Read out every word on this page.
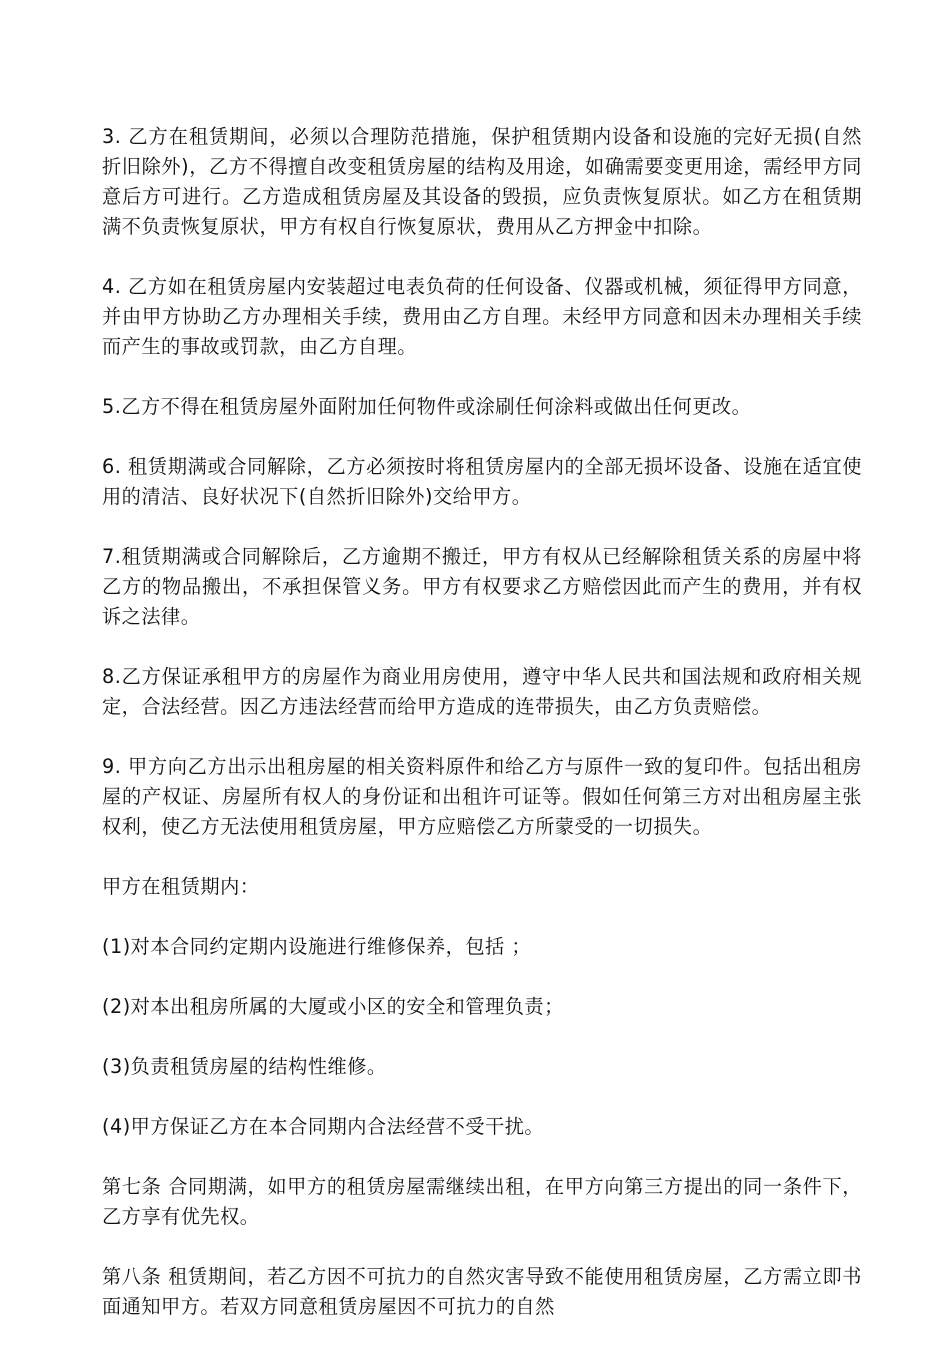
3. 乙方在租赁期间，必须以合理防范措施，保护租赁期内设备和设施的完好无损(自然折旧除外)，乙方不得擅自改变租赁房屋的结构及用途，如确需要变更用途，需经甲方同意后方可进行。乙方造成租赁房屋及其设备的毁损，应负责恢复原状。如乙方在租赁期满不负责恢复原状，甲方有权自行恢复原状，费用从乙方押金中扣除。

4. 乙方如在租赁房屋内安装超过电表负荷的任何设备、仪器或机械，须征得甲方同意，并由甲方协助乙方办理相关手续，费用由乙方自理。未经甲方同意和因未办理相关手续而产生的事故或罚款，由乙方自理。

5.乙方不得在租赁房屋外面附加任何物件或涂刷任何涂料或做出任何更改。

6. 租赁期满或合同解除，乙方必须按时将租赁房屋内的全部无损坏设备、设施在适宜使用的清洁、良好状况下(自然折旧除外)交给甲方。

7.租赁期满或合同解除后，乙方逾期不搬迁，甲方有权从已经解除租赁关系的房屋中将乙方的物品搬出，不承担保管义务。甲方有权要求乙方赔偿因此而产生的费用，并有权诉之法律。

8.乙方保证承租甲方的房屋作为商业用房使用，遵守中华人民共和国法规和政府相关规定，合法经营。因乙方违法经营而给甲方造成的连带损失，由乙方负责赔偿。

9. 甲方向乙方出示出租房屋的相关资料原件和给乙方与原件一致的复印件。包括出租房屋的产权证、房屋所有权人的身份证和出租许可证等。假如任何第三方对出租房屋主张权利，使乙方无法使用租赁房屋，甲方应赔偿乙方所蒙受的一切损失。

甲方在租赁期内：

(1)对本合同约定期内设施进行维修保养，包括 ；

(2)对本出租房所属的大厦或小区的安全和管理负责；

(3)负责租赁房屋的结构性维修。

(4)甲方保证乙方在本合同期内合法经营不受干扰。

第七条 合同期满，如甲方的租赁房屋需继续出租，在甲方向第三方提出的同一条件下，乙方享有优先权。

第八条 租赁期间，若乙方因不可抗力的自然灾害导致不能使用租赁房屋，乙方需立即书面通知甲方。若双方同意租赁房屋因不可抗力的自然
